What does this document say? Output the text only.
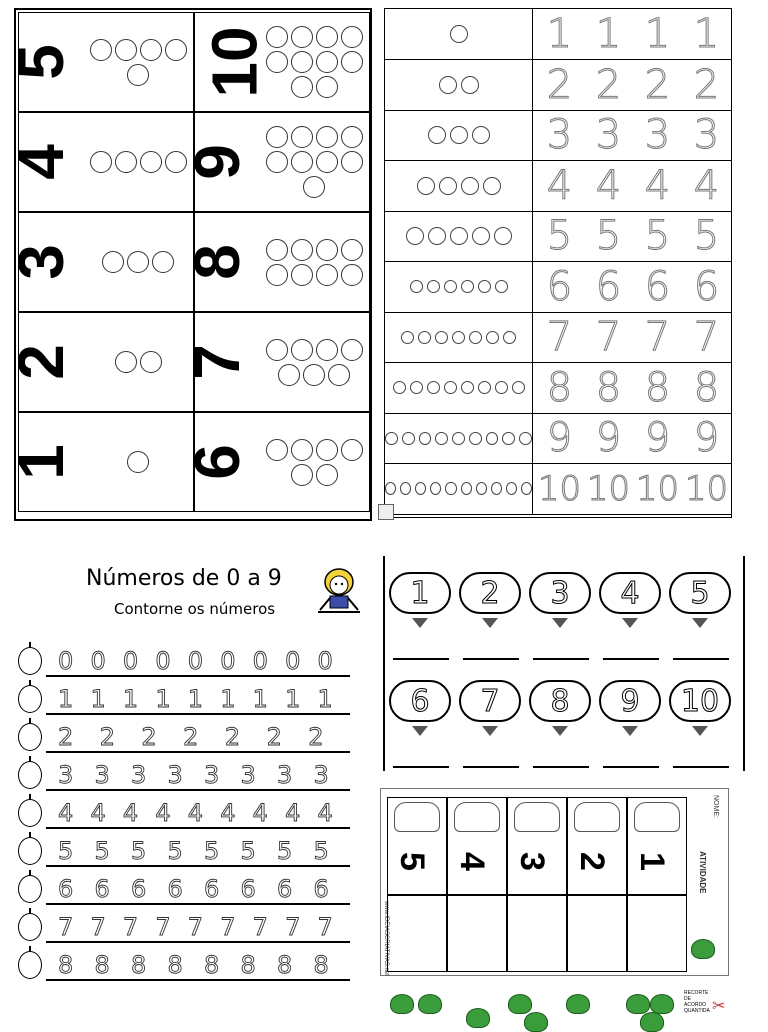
5 10
4 9
3 8
2 7
1 6
1 1 1 1
2 2 2 2
3 3 3 3
4 4 4 4
5 5 5 5
6 6 6 6
7 7 7 7
8 8 8 8
9 9 9 9
10 10 10 10
Números de 0 a 9
Contorne os números
0 0 0 0 0 0 0 0 0
1 1 1 1 1 1 1 1 1
2 2 2 2 2 2 2
3 3 3 3 3 3 3 3
4 4 4 4 4 4 4 4 4
5 5 5 5 5 5 5 5
6 6 6 6 6 6 6 6
7 7 7 7 7 7 7 7 7
8 8 8 8 8 8 8 8
1 2 3 4 5
6 7 8 9 10
NOME:
ATIVIDADE
www.IDEIASCRIATIVAS.net
5 4 3 2 1
RECORTE DE ACORDO QUANTIDA ✂
